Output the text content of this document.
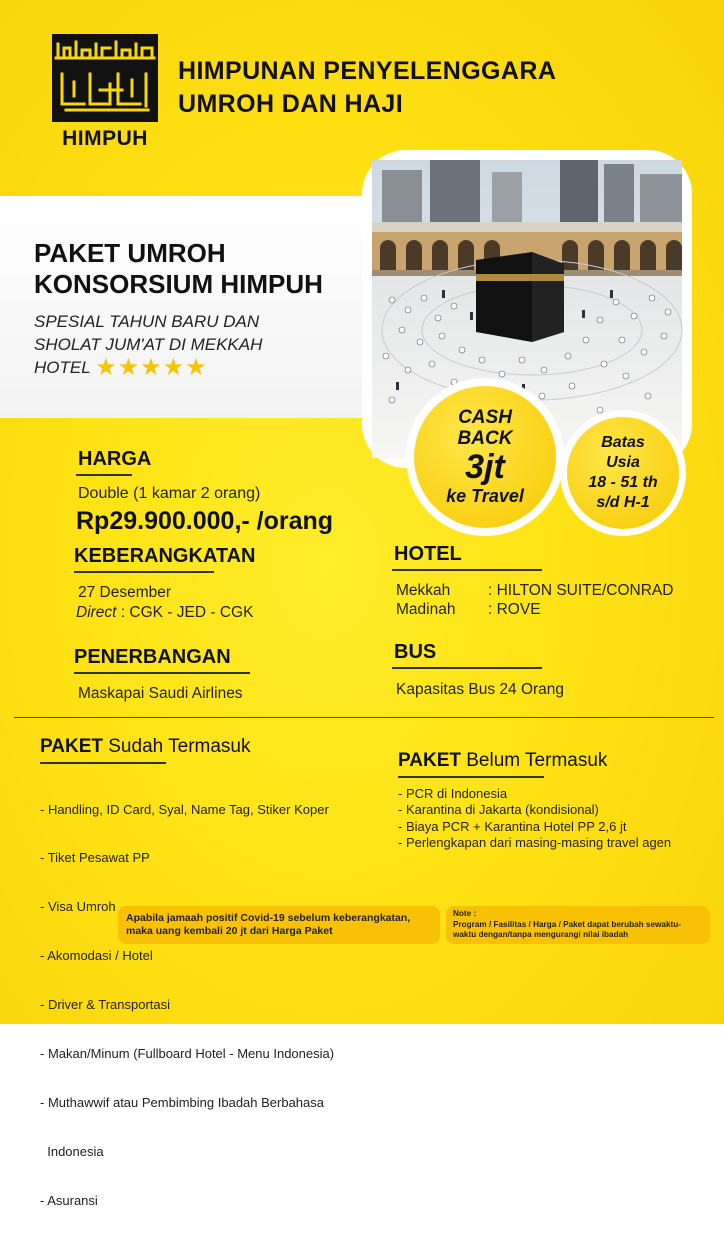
HIMPUH
HIMPUNAN PENYELENGGARA
UMROH DAN HAJI
PAKET UMROH
KONSORSIUM HIMPUH
SPESIAL TAHUN BARU DAN
SHOLAT JUM'AT DI MEKKAH
HOTEL ★★★★★
CASH
BACK
3jt
ke Travel
Batas
Usia
18 - 51 th
s/d H-1
HARGA
Double (1 kamar 2 orang)
Rp29.900.000,- /orang
KEBERANGKATAN
27 Desember
Direct : CGK - JED - CGK
PENERBANGAN
Maskapai Saudi Airlines
HOTEL
Mekkah	: HILTON SUITE/CONRAD
Madinah	: ROVE
BUS
Kapasitas Bus 24 Orang
PAKET Sudah Termasuk

- Handling, ID Card, Syal, Name Tag, Stiker Koper

- Tiket Pesawat PP

- Visa Umroh

- Akomodasi / Hotel

- Driver & Transportasi

- Makan/Minum (Fullboard Hotel - Menu Indonesia)

- Muthawwif atau Pembimbing Ibadah Berbahasa

Indonesia

- Asuransi

PAKET Belum Termasuk
- PCR di Indonesia
- Karantina di Jakarta (kondisional)
- Biaya PCR + Karantina Hotel PP 2,6 jt
- Perlengkapan dari masing-masing travel agen
Apabila jamaah positif Covid-19 sebelum keberangkatan,
maka uang kembali 20 jt dari Harga Paket
Note :
Program / Fasilitas / Harga / Paket dapat berubah sewaktu-
waktu dengan/tanpa mengurangi nilai ibadah
